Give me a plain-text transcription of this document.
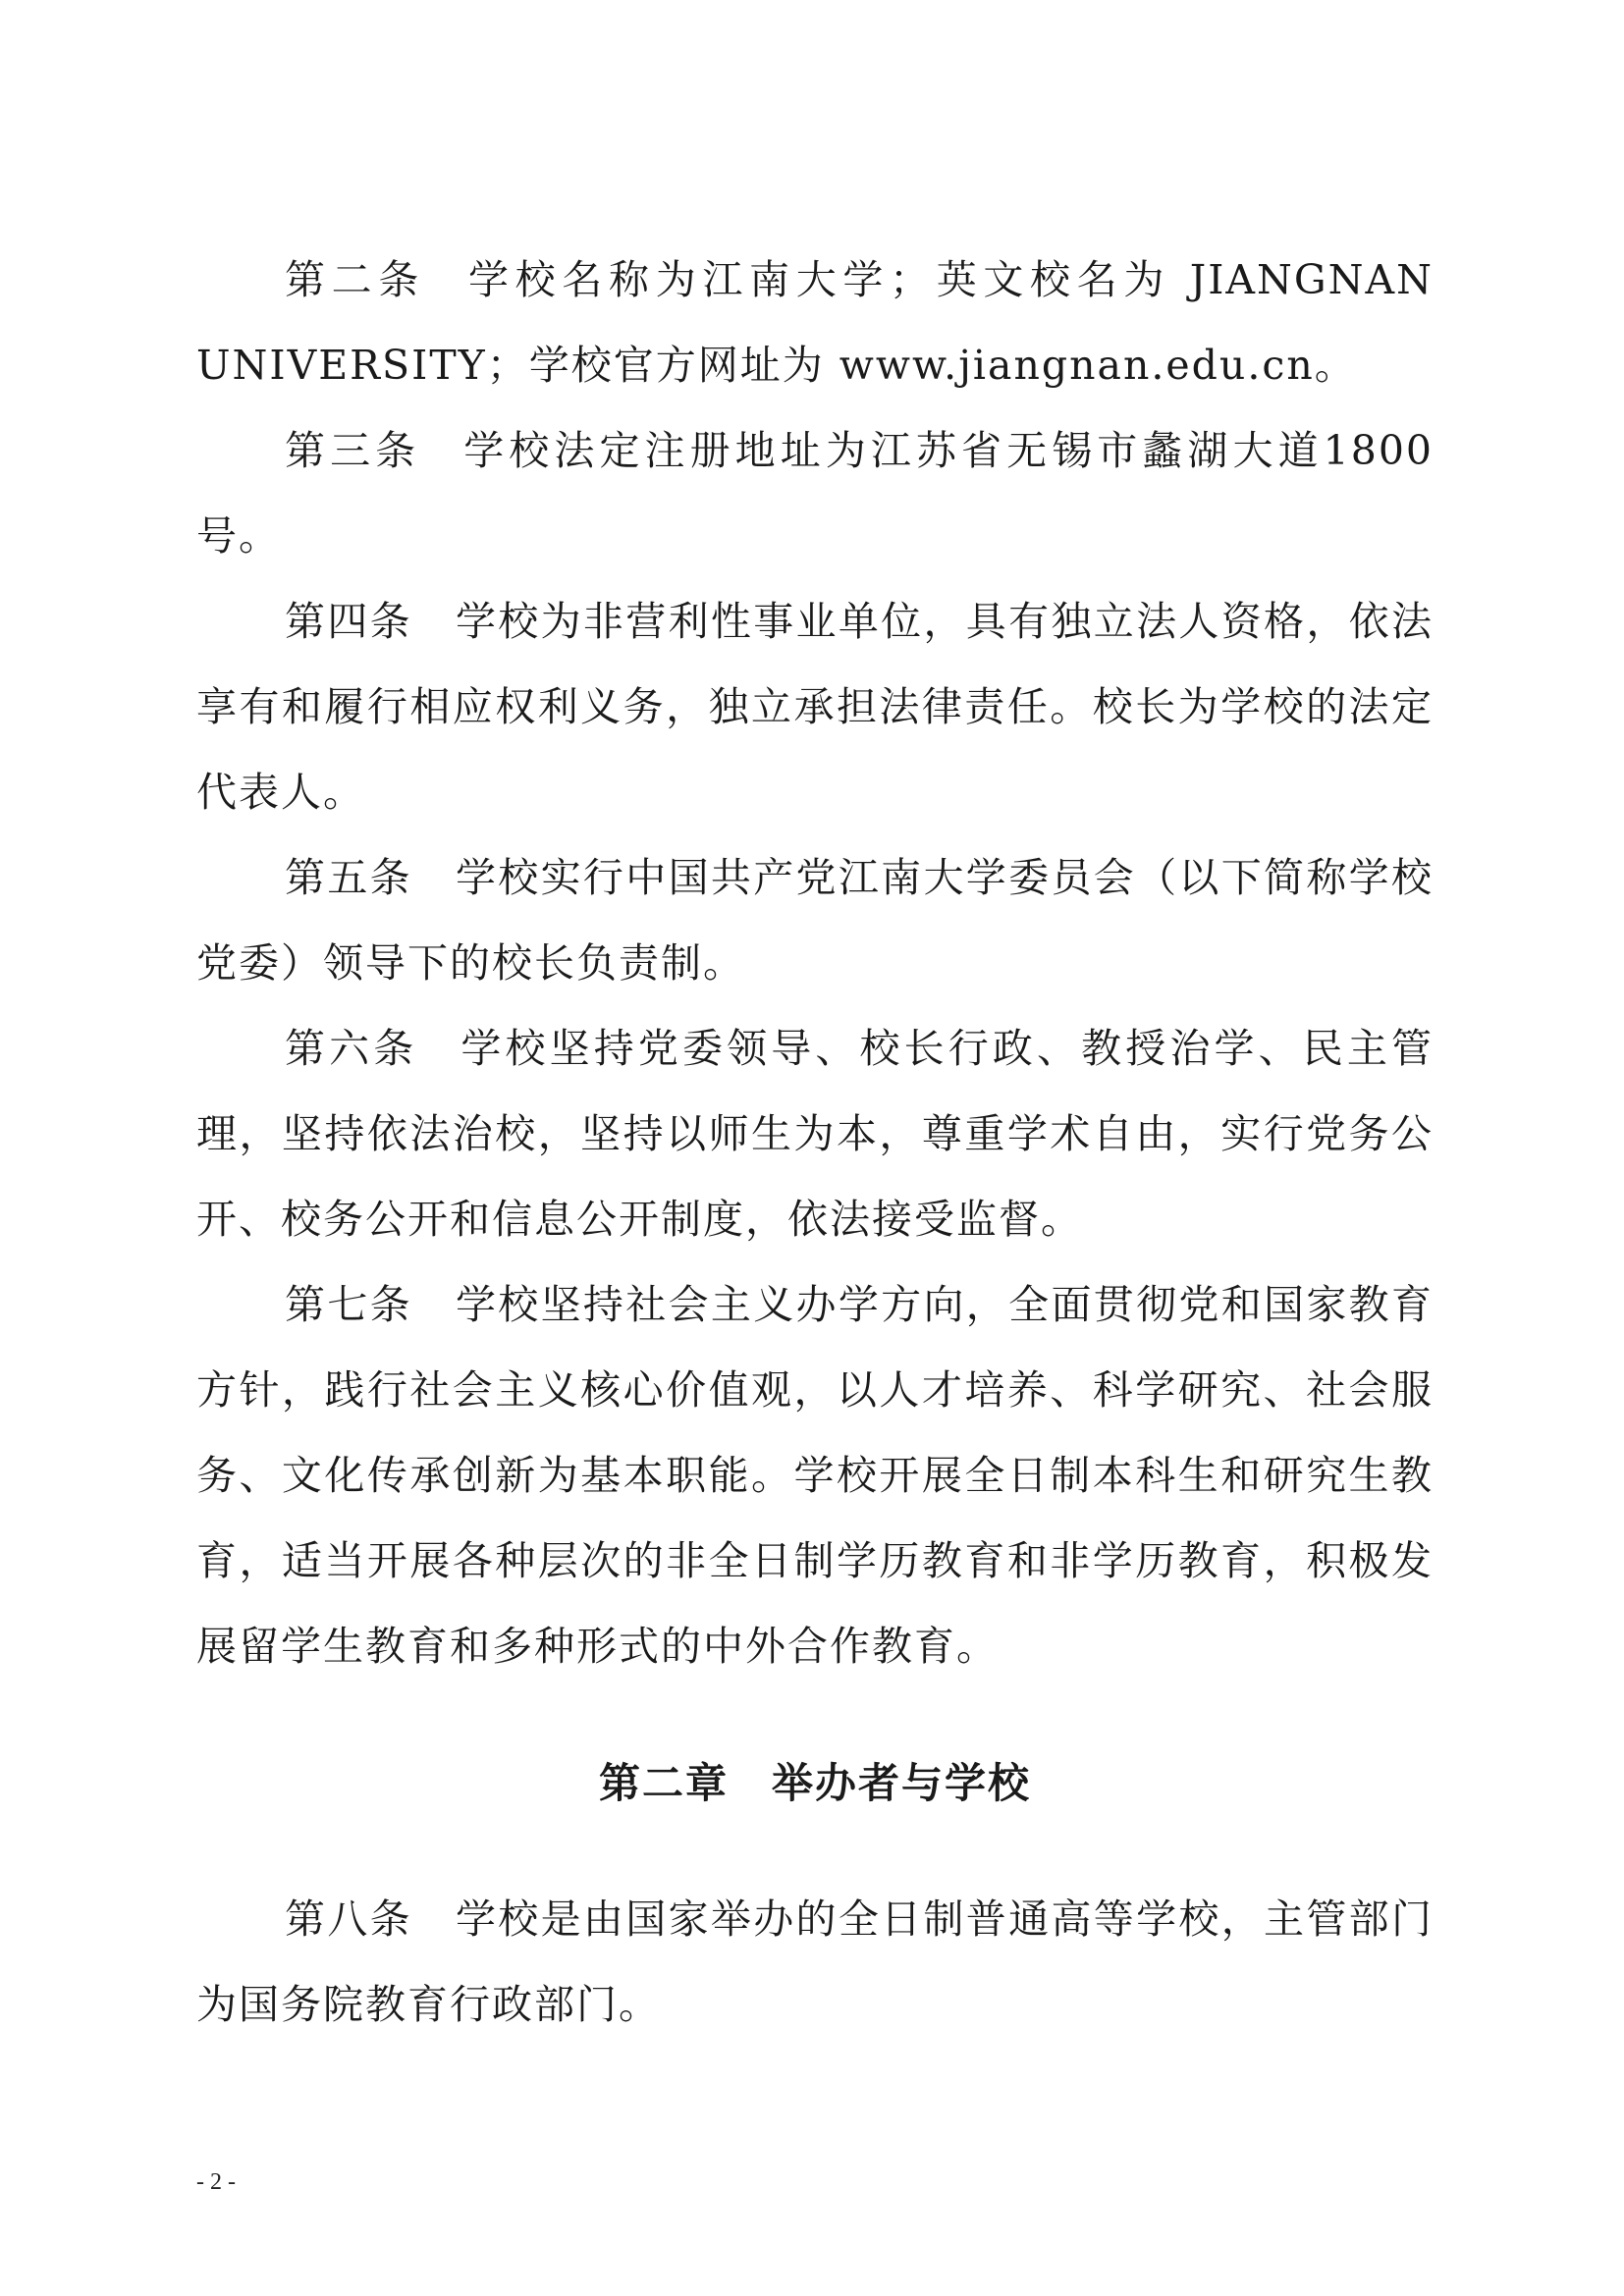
第二条 学校名称为江南大学；英文校名为 JIANGNAN UNIVERSITY；学校官方网址为 www.jiangnan.edu.cn。

第三条 学校法定注册地址为江苏省无锡市蠡湖大道1800号。

第四条 学校为非营利性事业单位，具有独立法人资格，依法享有和履行相应权利义务，独立承担法律责任。校长为学校的法定代表人。

第五条 学校实行中国共产党江南大学委员会（以下简称学校党委）领导下的校长负责制。

第六条 学校坚持党委领导、校长行政、教授治学、民主管理，坚持依法治校，坚持以师生为本，尊重学术自由，实行党务公开、校务公开和信息公开制度，依法接受监督。

第七条 学校坚持社会主义办学方向，全面贯彻党和国家教育方针，践行社会主义核心价值观，以人才培养、科学研究、社会服务、文化传承创新为基本职能。学校开展全日制本科生和研究生教育，适当开展各种层次的非全日制学历教育和非学历教育，积极发展留学生教育和多种形式的中外合作教育。

第二章 举办者与学校

第八条 学校是由国家举办的全日制普通高等学校，主管部门为国务院教育行政部门。

- 2 -
